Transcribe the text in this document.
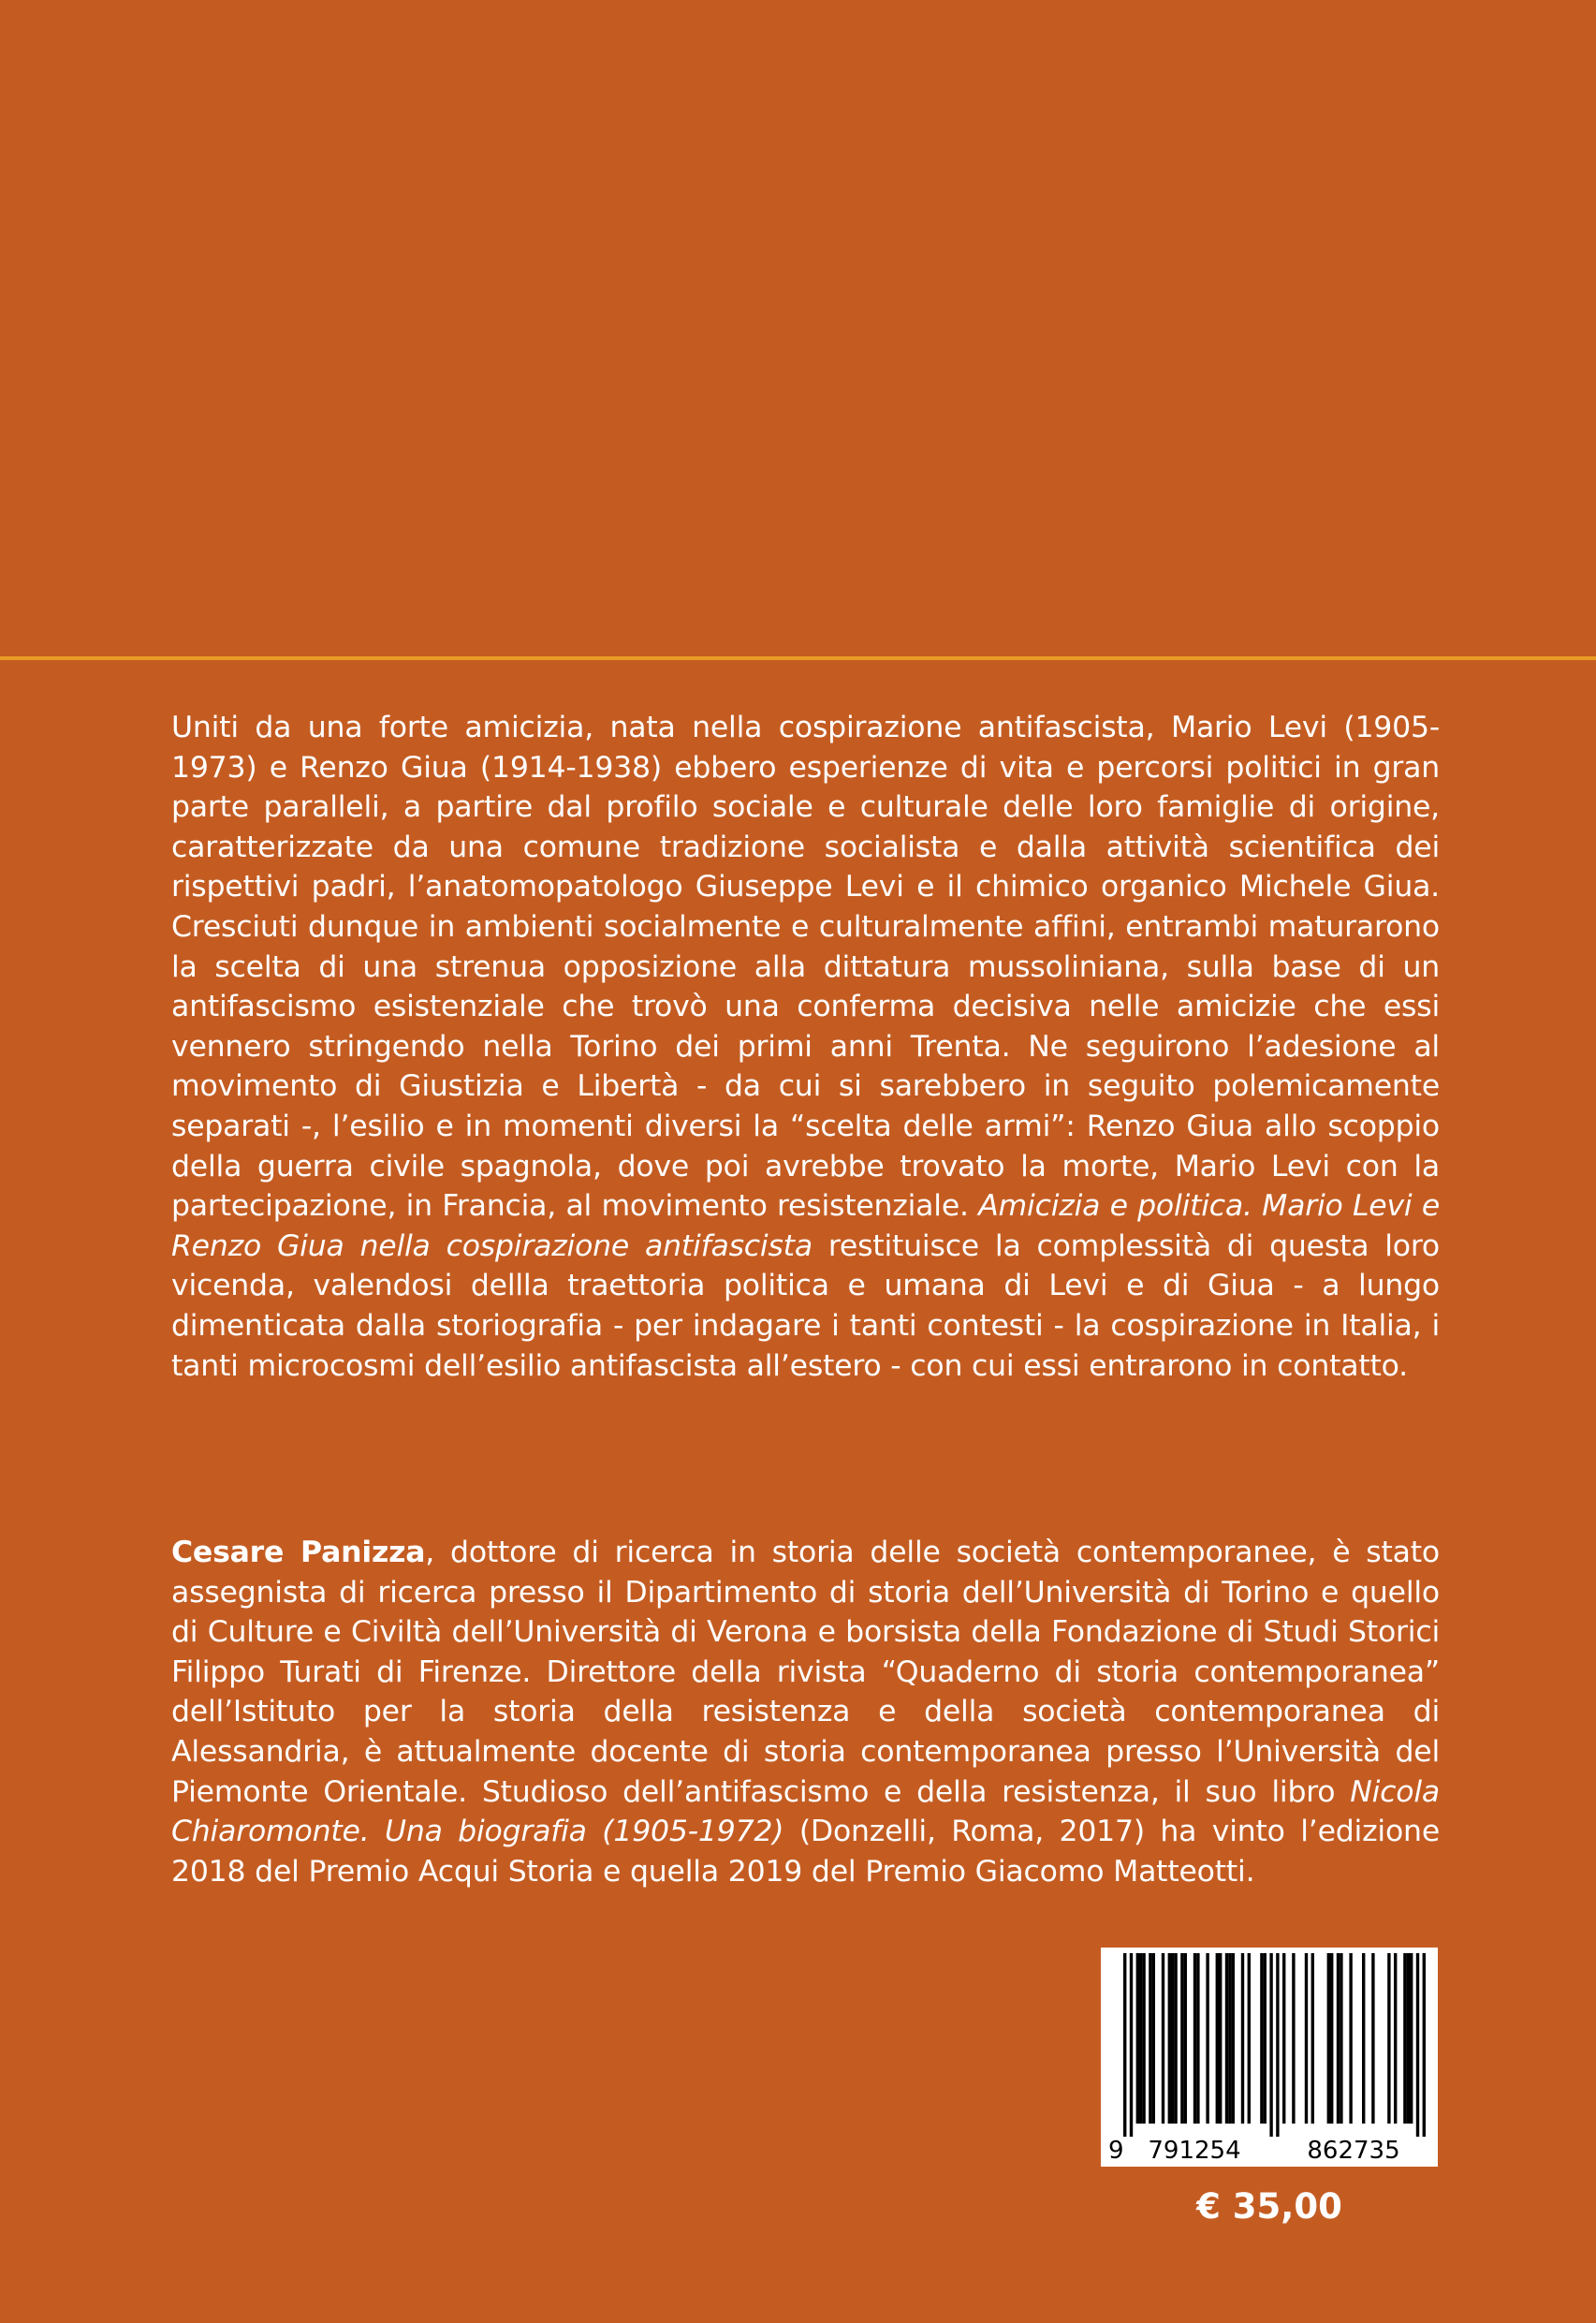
Uniti da una forte amicizia, nata nella cospirazione antifascista, Mario Levi (1905-1973) e Renzo Giua (1914-1938) ebbero esperienze di vita e percorsi politici in gran parte paralleli, a partire dal profilo sociale e culturale delle loro famiglie di origine, caratterizzate da una comune tradizione socialista e dalla attività scientifica dei rispettivi padri, l’anatomopatologo Giuseppe Levi e il chimico organico Michele Giua. Cresciuti dunque in ambienti socialmente e culturalmente affini, entrambi maturarono la scelta di una strenua opposizione alla dittatura mussoliniana, sulla base di un antifascismo esistenziale che trovò una conferma decisiva nelle amicizie che essi vennero stringendo nella Torino dei primi anni Trenta. Ne seguirono l’adesione al movimento di Giustizia e Libertà - da cui si sarebbero in seguito polemicamente separati -, l’esilio e in momenti diversi la “scelta delle armi”: Renzo Giua allo scoppio della guerra civile spagnola, dove poi avrebbe trovato la morte, Mario Levi con la partecipazione, in Francia, al movimento resistenziale. Amicizia e politica. Mario Levi e Renzo Giua nella cospirazione antifascista restituisce la complessità di questa loro vicenda, valendosi dellla traettoria politica e umana di Levi e di Giua - a lungo dimenticata dalla storiografia - per indagare i tanti contesti - la cospirazione in Italia, i tanti microcosmi dell’esilio antifascista all’estero - con cui essi entrarono in contatto.

Cesare Panizza, dottore di ricerca in storia delle società contemporanee, è stato assegnista di ricerca presso il Dipartimento di storia dell’Università di Torino e quello di Culture e Civiltà dell’Università di Verona e borsista della Fondazione di Studi Storici Filippo Turati di Firenze. Direttore della rivista “Quaderno di storia contemporanea” dell’Istituto per la storia della resistenza e della società contemporanea di Alessandria, è attualmente docente di storia contemporanea presso l’Università del Piemonte Orientale. Studioso dell’antifascismo e della resistenza, il suo libro Nicola Chiaromonte. Una biografia (1905-1972) (Donzelli, Roma, 2017) ha vinto l’edizione 2018 del Premio Acqui Storia e quella 2019 del Premio Giacomo Matteotti.

9 791254	862735
€ 35,00
